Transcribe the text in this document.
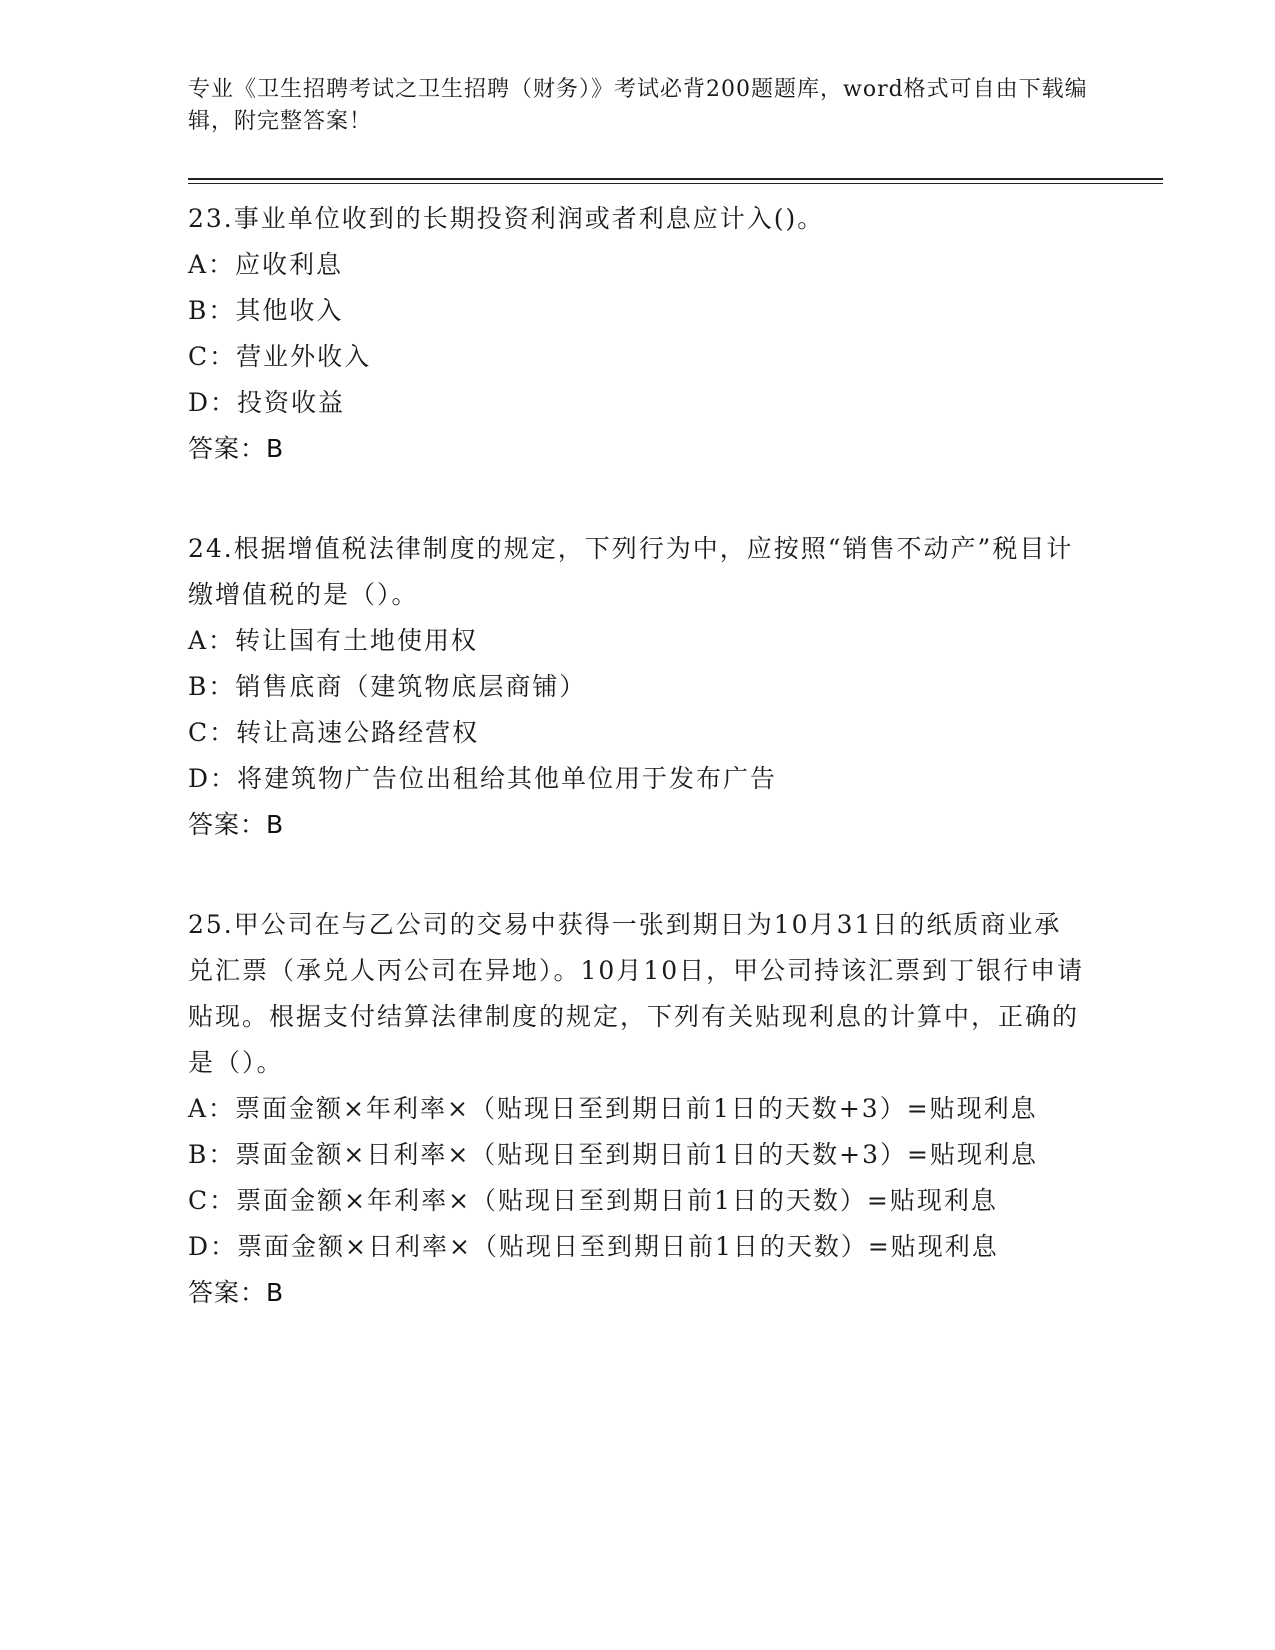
专业《卫生招聘考试之卫生招聘（财务）》考试必背200题题库，word格式可自由下载编辑，附完整答案！
23.事业单位收到的长期投资利润或者利息应计入()。
A：应收利息
B：其他收入
C：营业外收入
D：投资收益
答案：B
24.根据增值税法律制度的规定，下列行为中，应按照“销售不动产”税目计缴增值税的是（）。
A：转让国有土地使用权
B：销售底商（建筑物底层商铺）
C：转让高速公路经营权
D：将建筑物广告位出租给其他单位用于发布广告
答案：B
25.甲公司在与乙公司的交易中获得一张到期日为10月31日的纸质商业承兑汇票（承兑人丙公司在异地）。10月10日，甲公司持该汇票到丁银行申请贴现。根据支付结算法律制度的规定，下列有关贴现利息的计算中，正确的是（）。
A：票面金额×年利率×（贴现日至到期日前1日的天数+3）=贴现利息
B：票面金额×日利率×（贴现日至到期日前1日的天数+3）=贴现利息
C：票面金额×年利率×（贴现日至到期日前1日的天数）=贴现利息
D：票面金额×日利率×（贴现日至到期日前1日的天数）=贴现利息
答案：B
